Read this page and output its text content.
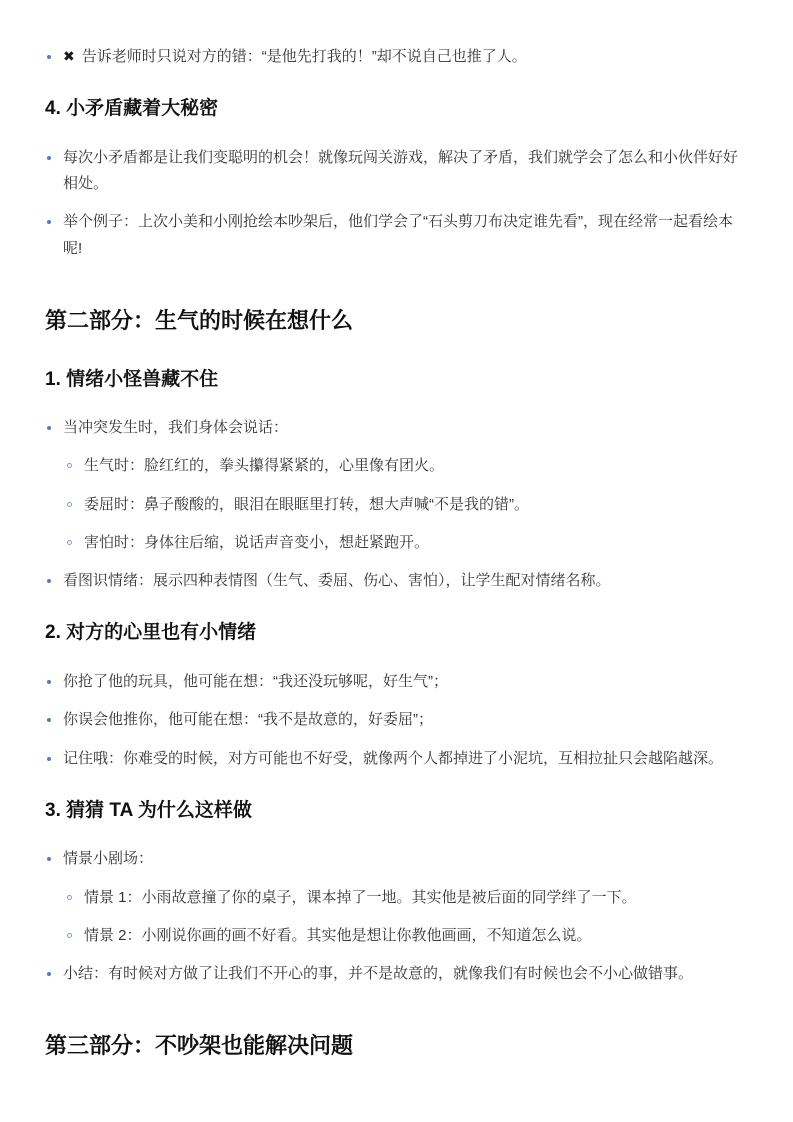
✖ 告诉老师时只说对方的错：“是他先打我的！”却不说自己也推了人。
4. 小矛盾藏着大秘密
每次小矛盾都是让我们变聪明的机会！就像玩闯关游戏，解决了矛盾，我们就学会了怎么和小伙伴好好相处。
举个例子：上次小美和小刚抢绘本吵架后，他们学会了“石头剪刀布决定谁先看”，现在经常一起看绘本呢!
第二部分：生气的时候在想什么
1. 情绪小怪兽藏不住
当冲突发生时，我们身体会说话：
生气时：脸红红的，拳头攥得紧紧的，心里像有团火。
委屈时：鼻子酸酸的，眼泪在眼眶里打转，想大声喊“不是我的错”。
害怕时：身体往后缩，说话声音变小，想赶紧跑开。
看图识情绪：展示四种表情图（生气、委屈、伤心、害怕），让学生配对情绪名称。
2. 对方的心里也有小情绪
你抢了他的玩具，他可能在想：“我还没玩够呢，好生气”；
你误会他推你，他可能在想：“我不是故意的，好委屈”；
记住哦：你难受的时候，对方可能也不好受，就像两个人都掉进了小泥坑，互相拉扯只会越陷越深。
3. 猜猜 TA 为什么这样做
情景小剧场：
情景 1：小雨故意撞了你的桌子，课本掉了一地。其实他是被后面的同学绊了一下。
情景 2：小刚说你画的画不好看。其实他是想让你教他画画，不知道怎么说。
小结：有时候对方做了让我们不开心的事，并不是故意的，就像我们有时候也会不小心做错事。
第三部分：不吵架也能解决问题
